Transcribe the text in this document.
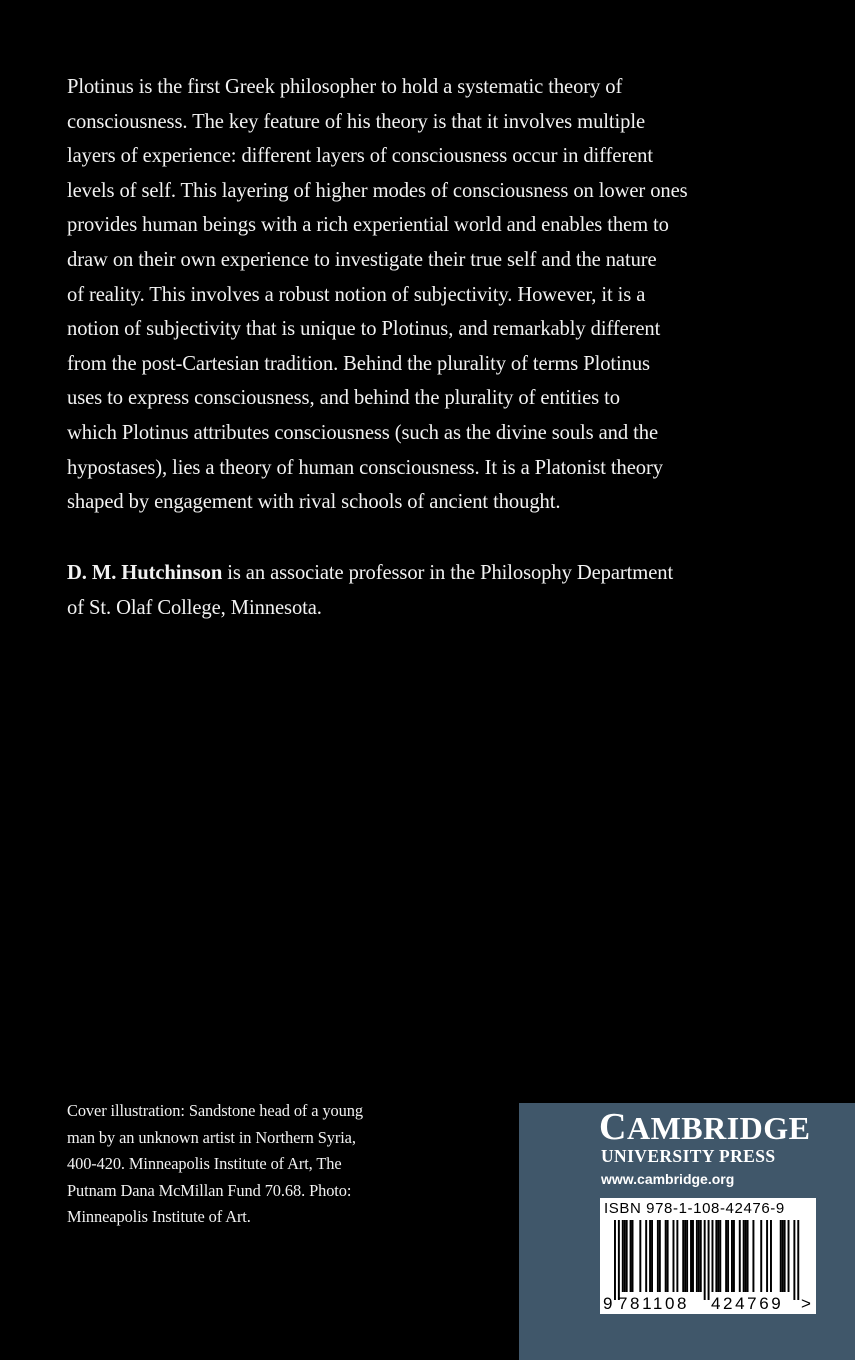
Plotinus is the first Greek philosopher to hold a systematic theory of
consciousness. The key feature of his theory is that it involves multiple
layers of experience: different layers of consciousness occur in different
levels of self. This layering of higher modes of consciousness on lower ones
provides human beings with a rich experiential world and enables them to
draw on their own experience to investigate their true self and the nature
of reality. This involves a robust notion of subjectivity. However, it is a
notion of subjectivity that is unique to Plotinus, and remarkably different
from the post-Cartesian tradition. Behind the plurality of terms Plotinus
uses to express consciousness, and behind the plurality of entities to
which Plotinus attributes consciousness (such as the divine souls and the
hypostases), lies a theory of human consciousness. It is a Platonist theory
shaped by engagement with rival schools of ancient thought.
D. M. Hutchinson is an associate professor in the Philosophy Department
of St. Olaf College, Minnesota.
Cover illustration: Sandstone head of a young
man by an unknown artist in Northern Syria,
400-420. Minneapolis Institute of Art, The
Putnam Dana McMillan Fund 70.68. Photo:
Minneapolis Institute of Art.
CAMBRIDGE
UNIVERSITY PRESS
www.cambridge.org
ISBN 978-1-108-42476-9
9 781108 424769 >
